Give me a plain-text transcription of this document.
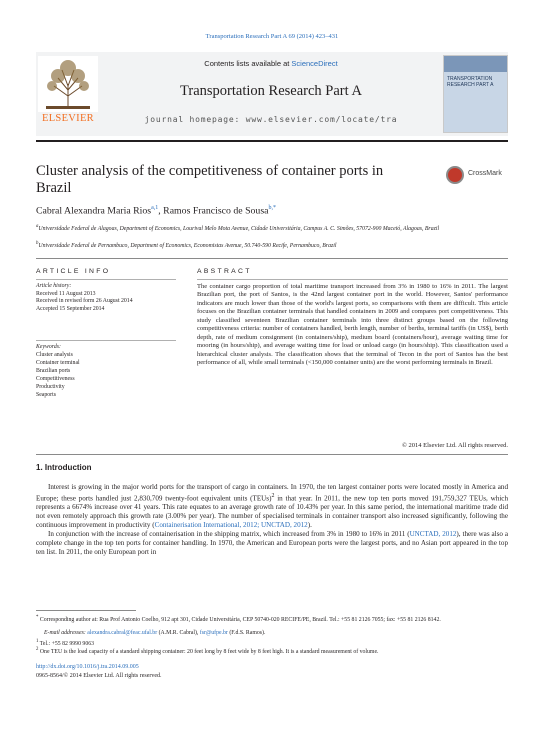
Transportation Research Part A 69 (2014) 423–431
ELSEVIER
Contents lists available at ScienceDirect
Transportation Research Part A
journal homepage: www.elsevier.com/locate/tra
TRANSPORTATION RESEARCH PART A
Cluster analysis of the competitiveness of container ports in Brazil
CrossMark
Cabral Alexandra Maria Rios$^{a,1}$, Ramos Francisco de Sousa$^{b,*}$
$^a$Universidade Federal de Alagoas, Department of Economics, Lourival Melo Mota Avenue, Cidade Universitária, Campus A. C. Simões, 57072-900 Maceió, Alagoas, Brazil
$^b$Universidade Federal de Pernambuco, Department of Economics, Economistas Avenue, 50.740-590 Recife, Pernambuco, Brazil
ARTICLE INFO	ABSTRACT
Article history:
Received 11 August 2013
Received in revised form 26 August 2014
Accepted 15 September 2014
Keywords:
Cluster analysis
Container terminal
Brazilian ports
Competitiveness
Productivity
Seaports
The container cargo proportion of total maritime transport increased from 3% in 1980 to 16% in 2011. The largest Brazilian port, the port of Santos, is the 42nd largest container port in the world. However, Santos' performance indicators are much lower than those of the world's largest ports, so comparisons with them are difficult. This article focuses on the Brazilian container terminals that handled containers in 2009 and compares port competitiveness. This study classified seventeen Brazilian container terminals into three distinct groups based on the following competitiveness criteria: number of containers handled, berth length, number of berths, terminal tariffs (in US$), berth depth, rate of medium consignment (in containers/ship), medium board (containers/hour), average waiting time for mooring (in hours/ship), and average waiting time for load or unload cargo (in hours/ship). This classification used a hierarchical cluster analysis. The classification shows that the terminal of Tecon in the port of Santos has the best performance of all, while small terminals (<150,000 container units) are the worst performing terminals in Brazil.
© 2014 Elsevier Ltd. All rights reserved.
1. Introduction

Interest is growing in the major world ports for the transport of cargo in containers. In 1970, the ten largest container ports were located mostly in America and Europe; these ports handled just 2,830,709 twenty-foot equivalent units (TEUs)$^2$ in that year. In 2011, the new top ten ports moved 191,759,327 TEUs, which represents a 6674% increase over 41 years. This rate equates to an average growth rate of 10.43% per year. In this same period, the international maritime trade did not even remotely approach this growth rate (3.00% per year). The number of specialised terminals in container transport also increased significantly, following the continuous improvement in productivity (Containerisation International, 2012; UNCTAD, 2012).

In conjunction with the increase of containerisation in the shipping matrix, which increased from 3% in 1980 to 16% in 2011 (UNCTAD, 2012), there was also a complete change in the top ten ports for container handling. In 1970, the American and European ports were the largest ports, and no Asian port appeared in the top ten list. In 2011, the only European port in

* Corresponding author at: Rua Prof Antonio Coelho, 912 apt 301, Cidade Universitária, CEP 50740-020 RECIFE/PE, Brazil. Tel.: +55 81 2126 7055; fax: +55 81 2126 8142.
E-mail addresses: alexandra.cabral@feac.ufal.br (A.M.R. Cabral), fsr@ufpe.br (F.d.S. Ramos).
$^1$ Tel.: +55 82 9990 9063
$^2$ One TEU is the load capacity of a standard shipping container: 20 feet long by 8 feet wide by 8 feet high. It is a standard measurement of volume.
http://dx.doi.org/10.1016/j.tra.2014.09.005
0965-8564/© 2014 Elsevier Ltd. All rights reserved.
